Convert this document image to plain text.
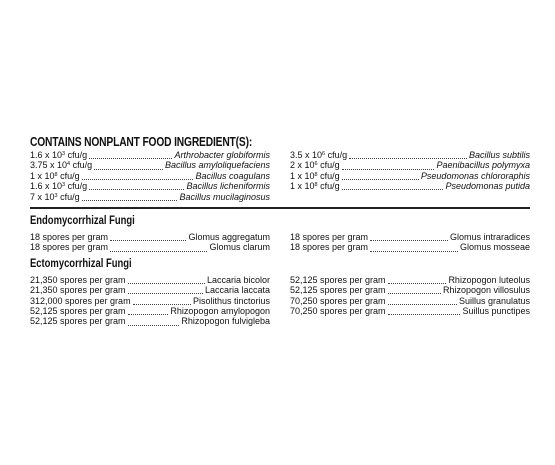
CONTAINS NONPLANT FOOD INGREDIENT(S):
1.6 x $10^3$ cfu/g	Arthrobacter globiformis
3.75 x $10^4$ cfu/g	Bacillus amyloliquefaciens
1 x $10^8$ cfu/g	Bacillus coagulans
1.6 x $10^3$ cfu/g	Bacillus licheniformis
7 x $10^3$ cfu/g	Bacillus mucilaginosus
3.5 x $10^6$ cfu/g	Bacillus subtilis
2 x $10^6$ cfu/g	Paenibacillus polymyxa
1 x $10^8$ cfu/g	Pseudomonas chlororaphis
1 x $10^8$ cfu/g	Pseudomonas putida
Endomycorrhizal Fungi
18 spores per gram	Glomus aggregatum
18 spores per gram	Glomus clarum
18 spores per gram	Glomus intraradices
18 spores per gram	Glomus mosseae
Ectomycorrhizal Fungi
21,350 spores per gram	Laccaria bicolor
21,350 spores per gram	Laccaria laccata
312,000 spores per gram	Pisolithus tinctorius
52,125 spores per gram	Rhizopogon amylopogon
52,125 spores per gram	Rhizopogon fulvigleba
52,125 spores per gram	Rhizopogon luteolus
52,125 spores per gram	Rhizopogon villosulus
70,250 spores per gram	Suillus granulatus
70,250 spores per gram	Suillus punctipes
